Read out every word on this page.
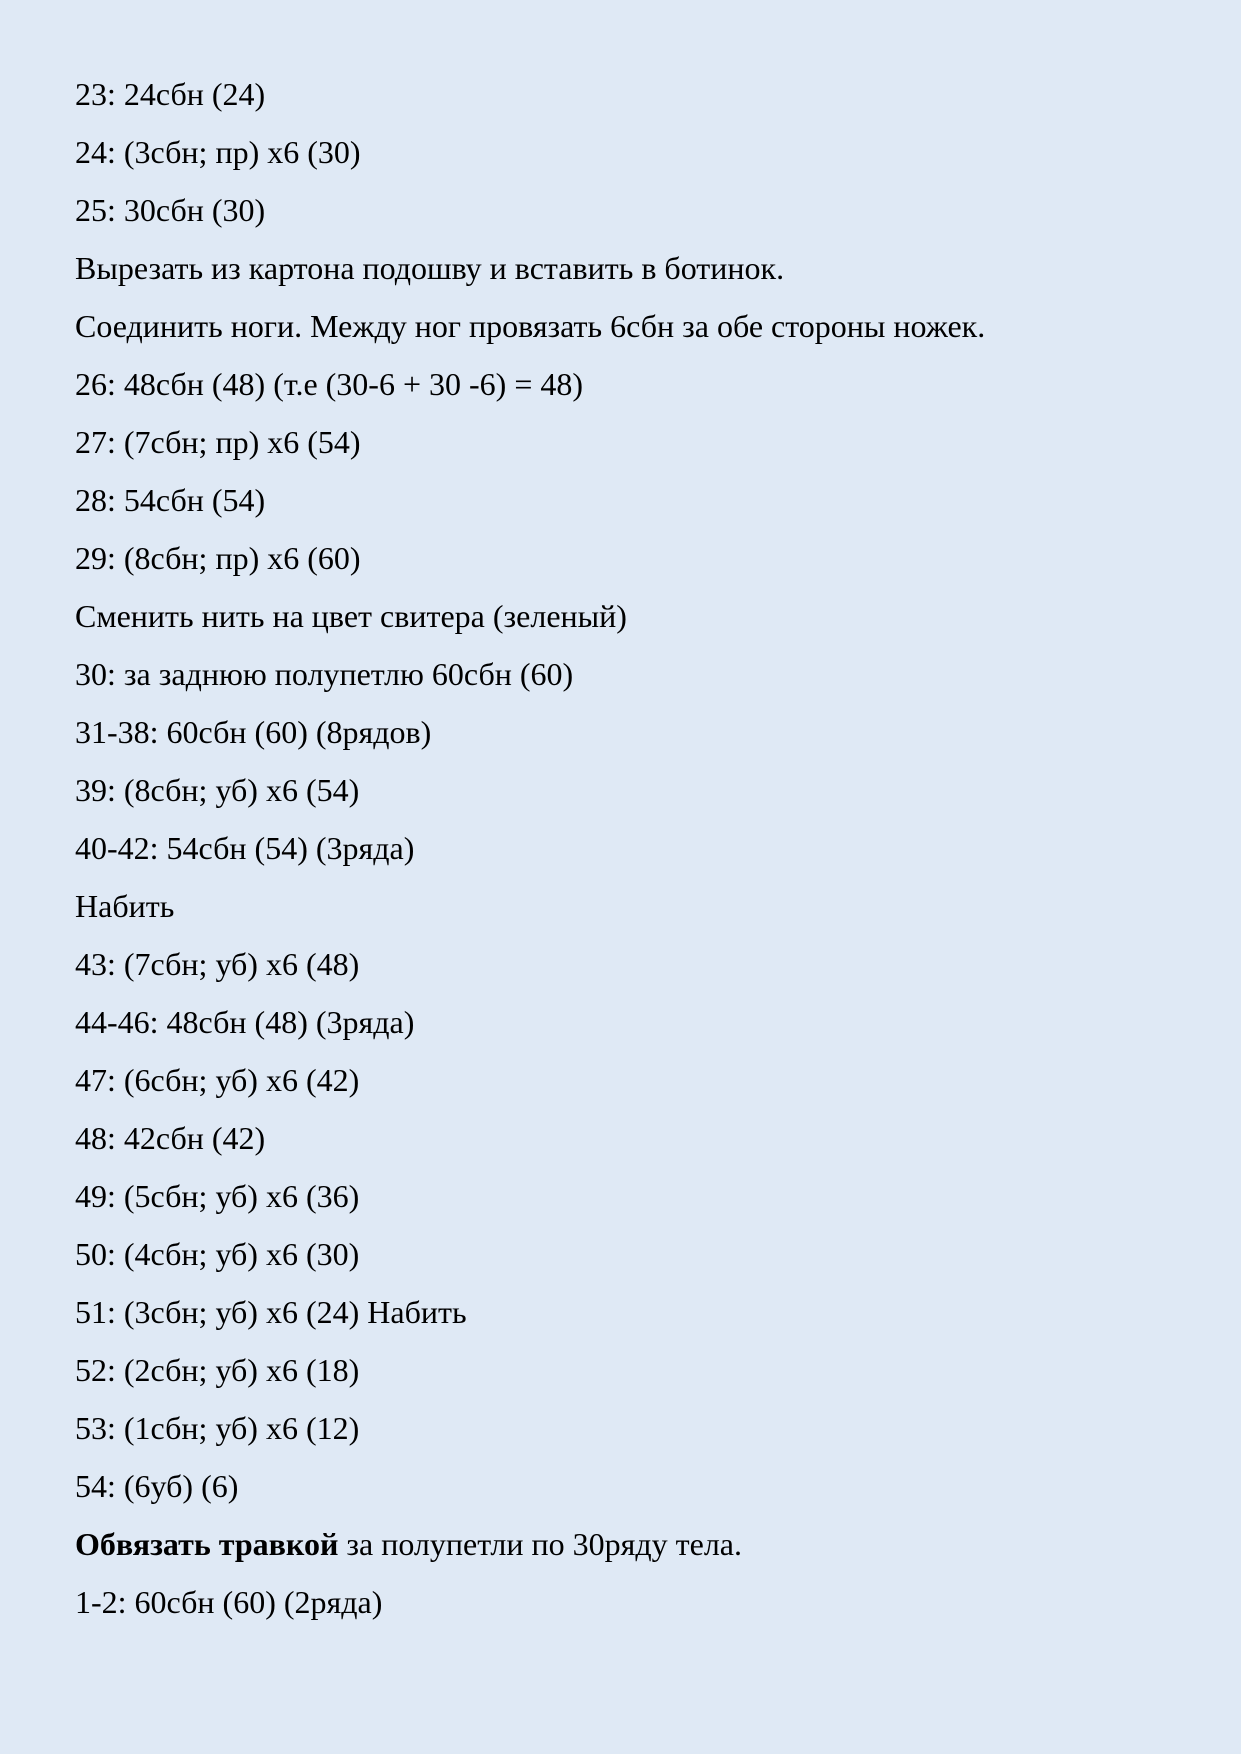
23: 24сбн (24)
24: (3сбн; пр) х6 (30)
25: 30сбн (30)
Вырезать из картона подошву и вставить в ботинок.
Соединить ноги. Между ног провязать 6сбн за обе стороны ножек.
26: 48сбн (48) (т.е (30-6 + 30 -6) = 48)
27: (7сбн; пр) х6 (54)
28: 54сбн (54)
29: (8сбн; пр) х6 (60)
Сменить нить на цвет свитера (зеленый)
30: за заднюю полупетлю 60сбн (60)
31-38: 60сбн (60) (8рядов)
39: (8сбн; уб) х6 (54)
40-42: 54сбн (54) (3ряда)
Набить
43: (7сбн; уб) х6 (48)
44-46: 48сбн (48) (3ряда)
47: (6сбн; уб) х6 (42)
48: 42сбн (42)
49: (5сбн; уб) х6 (36)
50: (4сбн; уб) х6 (30)
51: (3сбн; уб) х6 (24) Набить
52: (2сбн; уб) х6 (18)
53: (1сбн; уб) х6 (12)
54: (6уб) (6)
Обвязать травкой за полупетли по 30ряду тела.
1-2: 60сбн (60) (2ряда)
